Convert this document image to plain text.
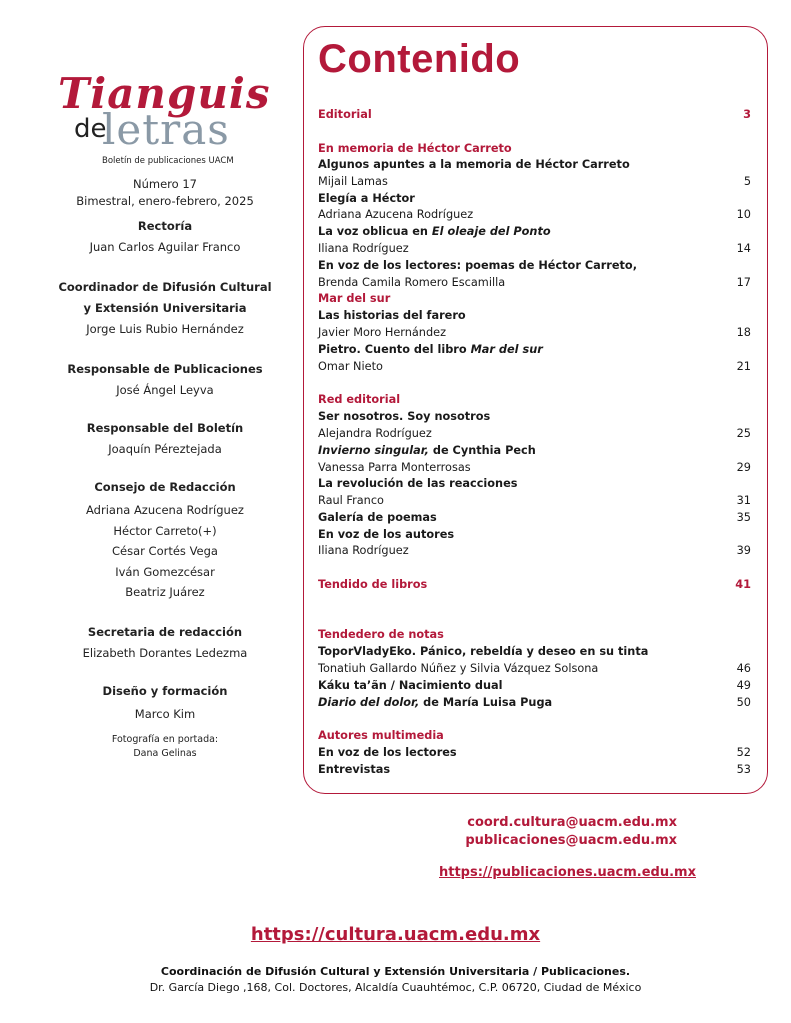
Tianguis
de
letras
Boletín de publicaciones UACM
Número 17
Bimestral, enero-febrero, 2025
Rectoría
Juan Carlos Aguilar Franco
Coordinador de Difusión Cultural
y Extensión Universitaria
Jorge Luis Rubio Hernández
Responsable de Publicaciones
José Ángel Leyva
Responsable del Boletín
Joaquín Péreztejada
Consejo de Redacción
Adriana Azucena Rodríguez
Héctor Carreto(+)
César Cortés Vega
Iván Gomezcésar
Beatriz Juárez
Secretaria de redacción
Elizabeth Dorantes Ledezma
Diseño y formación
Marco Kim
Fotografía en portada:
Dana Gelinas
Contenido
Editorial	3
En memoria de Héctor Carreto
Algunos apuntes a la memoria de Héctor Carreto
Mijail Lamas	5
Elegía a Héctor
Adriana Azucena Rodríguez	10
La voz oblicua en El oleaje del Ponto
Iliana Rodríguez	14
En voz de los lectores: poemas de Héctor Carreto,
Brenda Camila Romero Escamilla	17
Mar del sur
Las historias del farero
Javier Moro Hernández	18
Pietro. Cuento del libro Mar del sur
Omar Nieto	21
Red editorial
Ser nosotros. Soy nosotros
Alejandra Rodríguez	25
Invierno singular, de Cynthia Pech
Vanessa Parra Monterrosas	29
La revolución de las reacciones
Raul Franco	31
Galería de poemas	35
En voz de los autores
Iliana Rodríguez	39
Tendido de libros	41
Tendedero de notas
ToporVladyEko. Pánico, rebeldía y deseo en su tinta
Tonatiuh Gallardo Núñez y Silvia Vázquez Solsona	46
Káku ta’ãn / Nacimiento dual	49
Diario del dolor, de María Luisa Puga	50
Autores multimedia
En voz de los lectores	52
Entrevistas	53
coord.cultura@uacm.edu.mx
publicaciones@uacm.edu.mx
https://publicaciones.uacm.edu.mx
https://cultura.uacm.edu.mx
Coordinación de Difusión Cultural y Extensión Universitaria / Publicaciones.
Dr. García Diego ,168, Col. Doctores, Alcaldía Cuauhtémoc, C.P. 06720, Ciudad de México
